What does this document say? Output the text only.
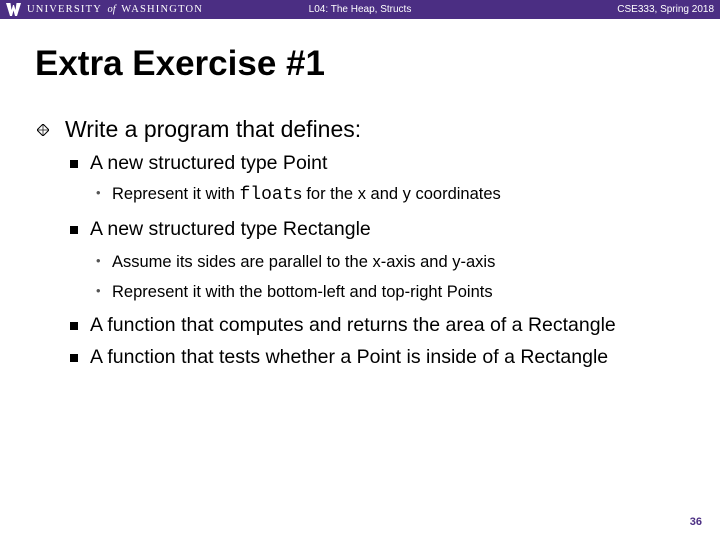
UNIVERSITY of WASHINGTON	L04: The Heap, Structs	CSE333, Spring 2018
Extra Exercise #1
Write a program that defines:
A new structured type Point
• Represent it with floats for the x and y coordinates
A new structured type Rectangle
• Assume its sides are parallel to the x-axis and y-axis
• Represent it with the bottom-left and top-right Points
A function that computes and returns the area of a Rectangle
A function that tests whether a Point is inside of a Rectangle
36
